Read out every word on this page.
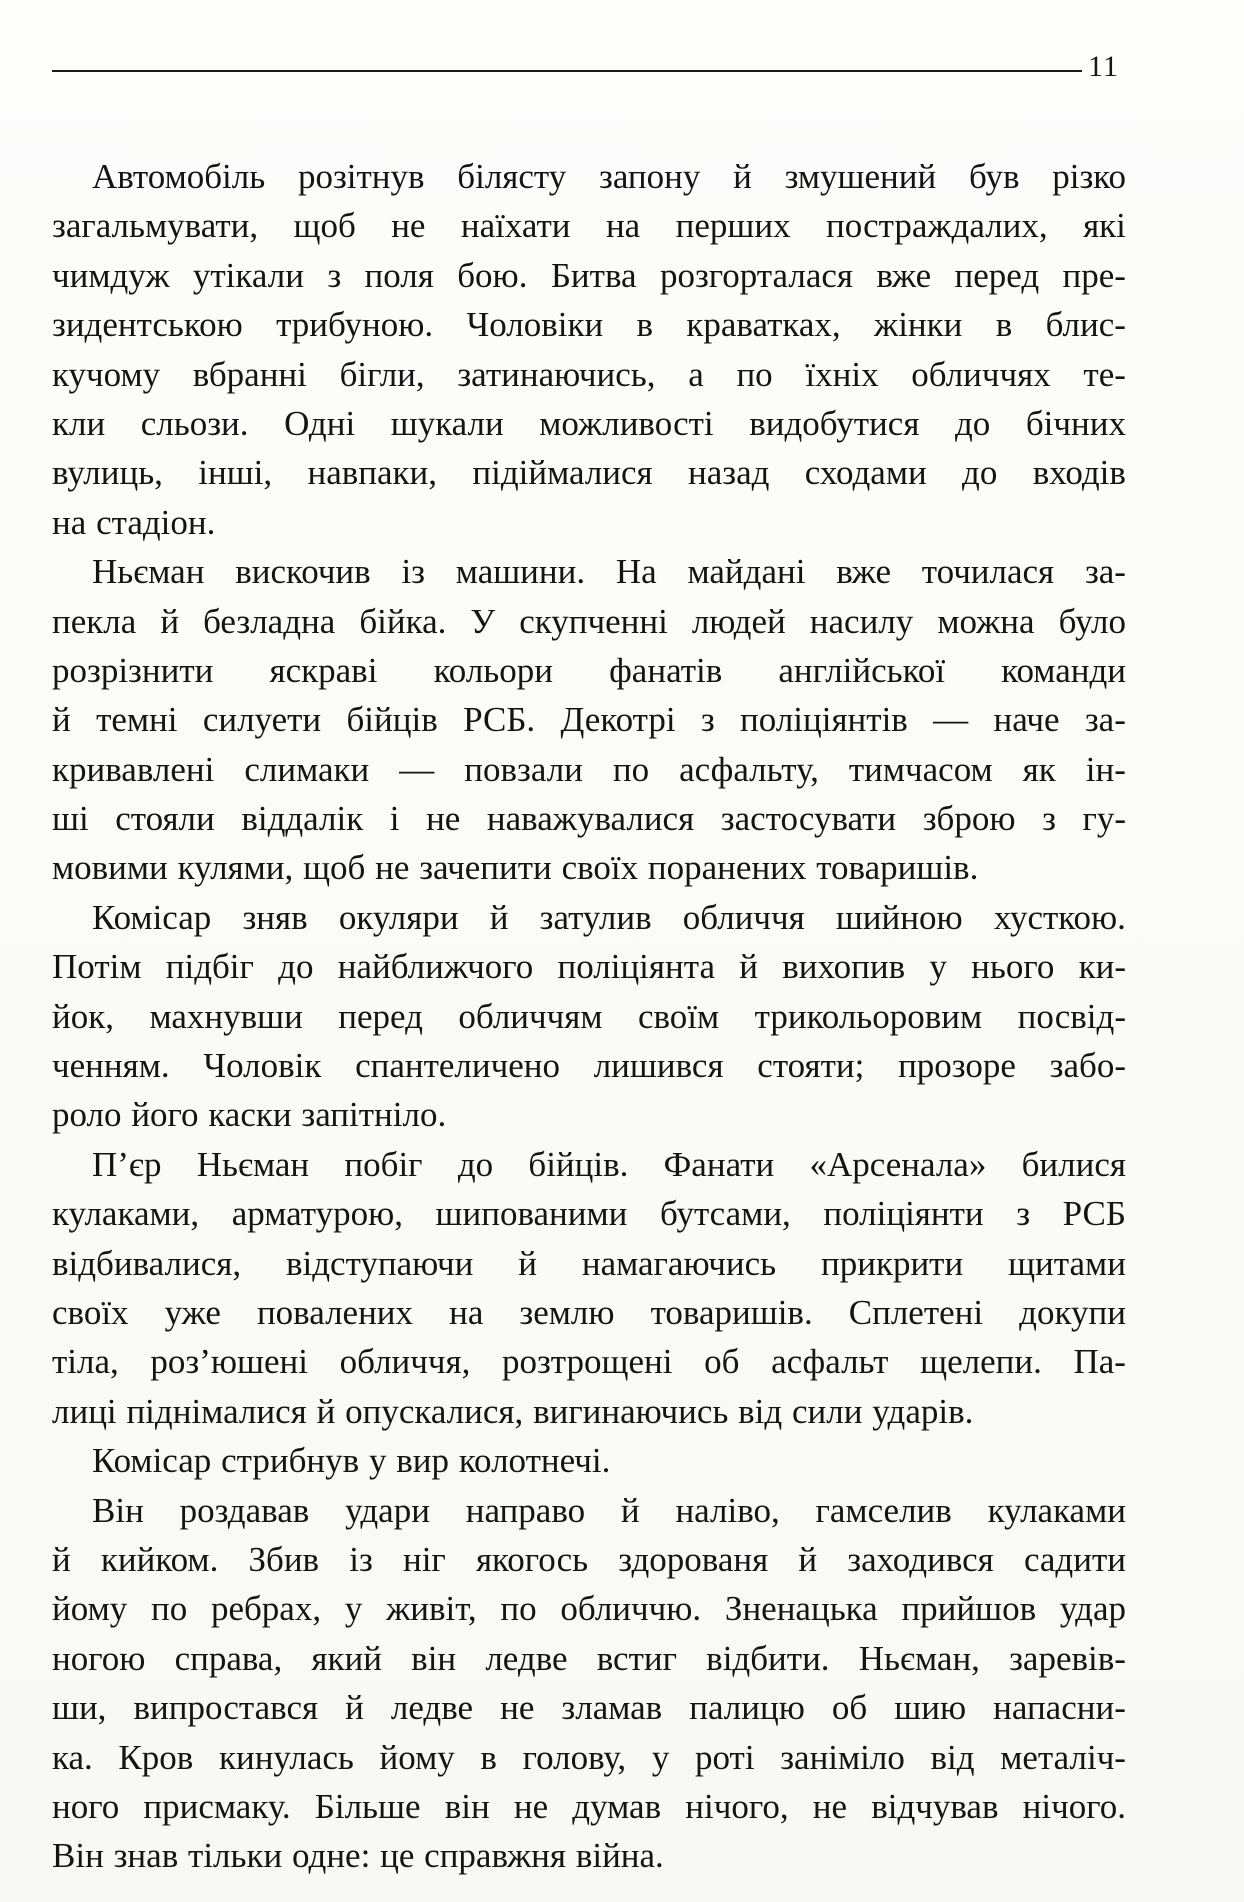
11
Автомобіль розітнув білясту запону й змушений був різко
загальмувати, щоб не наїхати на перших постраждалих, які
чимдуж утікали з поля бою. Битва розгорталася вже перед пре-
зидентською трибуною. Чоловіки в краватках, жінки в блис-
кучому вбранні бігли, затинаючись, а по їхніх обличчях те-
кли сльози. Одні шукали можливості видобутися до бічних
вулиць, інші, навпаки, підіймалися назад сходами до входів
на стадіон.
Ньєман вискочив із машини. На майдані вже точилася за-
пекла й безладна бійка. У скупченні людей насилу можна було
розрізнити яскраві кольори фанатів англійської команди
й темні силуети бійців РСБ. Декотрі з поліціянтів — наче за-
кривавлені слимаки — повзали по асфальту, тимчасом як ін-
ші стояли віддалік і не наважувалися застосувати зброю з гу-
мовими кулями, щоб не зачепити своїх поранених товаришів.
Комісар зняв окуляри й затулив обличчя шийною хусткою.
Потім підбіг до найближчого поліціянта й вихопив у нього ки-
йок, махнувши перед обличчям своїм трикольоровим посвід-
ченням. Чоловік спантеличено лишився стояти; прозоре забо-
роло його каски запітніло.
П’єр Ньєман побіг до бійців. Фанати «Арсенала» билися
кулаками, арматурою, шипованими бутсами, поліціянти з РСБ
відбивалися, відступаючи й намагаючись прикрити щитами
своїх уже повалених на землю товаришів. Сплетені докупи
тіла, роз’юшені обличчя, розтрощені об асфальт щелепи. Па-
лиці піднімалися й опускалися, вигинаючись від сили ударів.
Комісар стрибнув у вир колотнечі.
Він роздавав удари направо й наліво, гамселив кулаками
й кийком. Збив із ніг якогось здорованя й заходився садити
йому по ребрах, у живіт, по обличчю. Зненацька прийшов удар
ногою справа, який він ледве встиг відбити. Ньєман, заревів-
ши, випростався й ледве не зламав палицю об шию напасни-
ка. Кров кинулась йому в голову, у роті заніміло від металіч-
ного присмаку. Більше він не думав нічого, не відчував нічого.
Він знав тільки одне: це справжня війна.
